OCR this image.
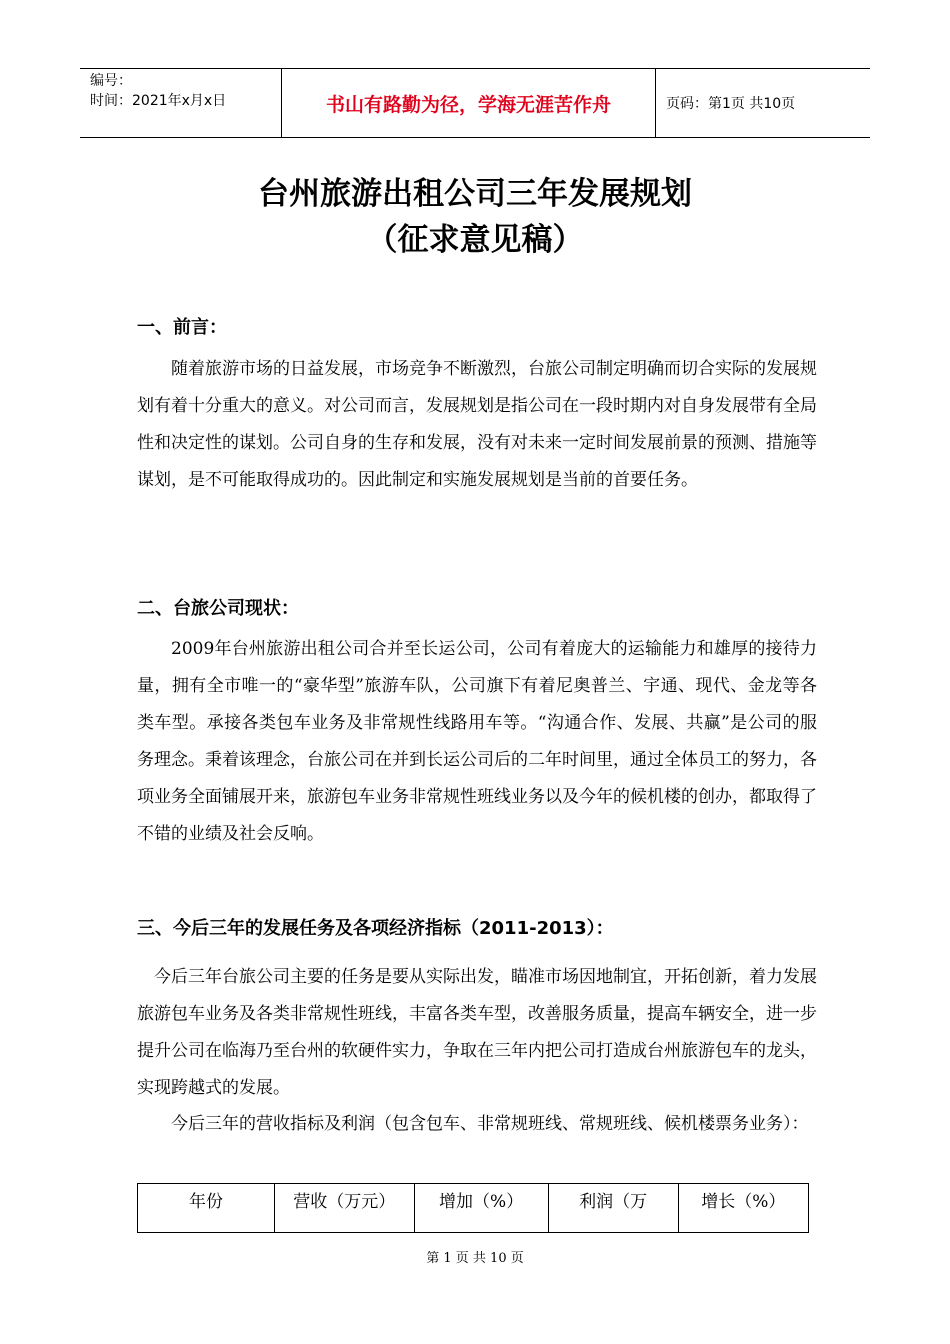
编号：
时间：2021年x月x日	书山有路勤为径，学海无涯苦作舟	页码：第1页 共10页
台州旅游出租公司三年发展规划
（征求意见稿）
一、前言：
随着旅游市场的日益发展，市场竞争不断激烈，台旅公司制定明确而切合实际的发展规划有着十分重大的意义。对公司而言，发展规划是指公司在一段时期内对自身发展带有全局性和决定性的谋划。公司自身的生存和发展，没有对未来一定时间发展前景的预测、措施等谋划，是不可能取得成功的。因此制定和实施发展规划是当前的首要任务。
二、台旅公司现状：
2009年台州旅游出租公司合并至长运公司，公司有着庞大的运输能力和雄厚的接待力量，拥有全市唯一的“豪华型”旅游车队，公司旗下有着尼奥普兰、宇通、现代、金龙等各类车型。承接各类包车业务及非常规性线路用车等。“沟通合作、发展、共赢”是公司的服务理念。秉着该理念，台旅公司在并到长运公司后的二年时间里，通过全体员工的努力，各项业务全面铺展开来，旅游包车业务非常规性班线业务以及今年的候机楼的创办，都取得了不错的业绩及社会反响。
三、今后三年的发展任务及各项经济指标（2011-2013）：
今后三年台旅公司主要的任务是要从实际出发，瞄准市场因地制宜，开拓创新，着力发展旅游包车业务及各类非常规性班线，丰富各类车型，改善服务质量，提高车辆安全，进一步提升公司在临海乃至台州的软硬件实力，争取在三年内把公司打造成台州旅游包车的龙头，实现跨越式的发展。
今后三年的营收指标及利润（包含包车、非常规班线、常规班线、候机楼票务业务）：
年份	营收（万元）	增加（%）	利润（万	增长（%）
第 1 页 共 10 页
